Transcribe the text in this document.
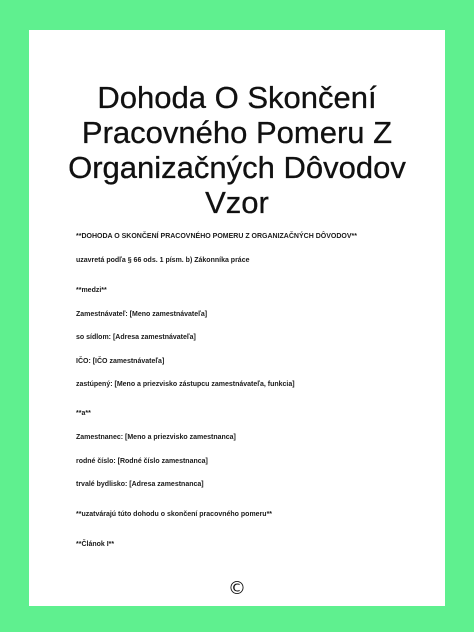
Dohoda O Skončení
Pracovného Pomeru Z
Organizačných Dôvodov
Vzor
**DOHODA O SKONČENÍ PRACOVNÉHO POMERU Z ORGANIZAČNÝCH DÔVODOV**
uzavretá podľa § 66 ods. 1 písm. b) Zákonníka práce
**medzi**
Zamestnávateľ: [Meno zamestnávateľa]
so sídlom: [Adresa zamestnávateľa]
IČO: [IČO zamestnávateľa]
zastúpený: [Meno a priezvisko zástupcu zamestnávateľa, funkcia]
**a**
Zamestnanec: [Meno a priezvisko zamestnanca]
rodné číslo: [Rodné číslo zamestnanca]
trvalé bydlisko: [Adresa zamestnanca]
**uzatvárajú túto dohodu o skončení pracovného pomeru**
**Článok I**
©
